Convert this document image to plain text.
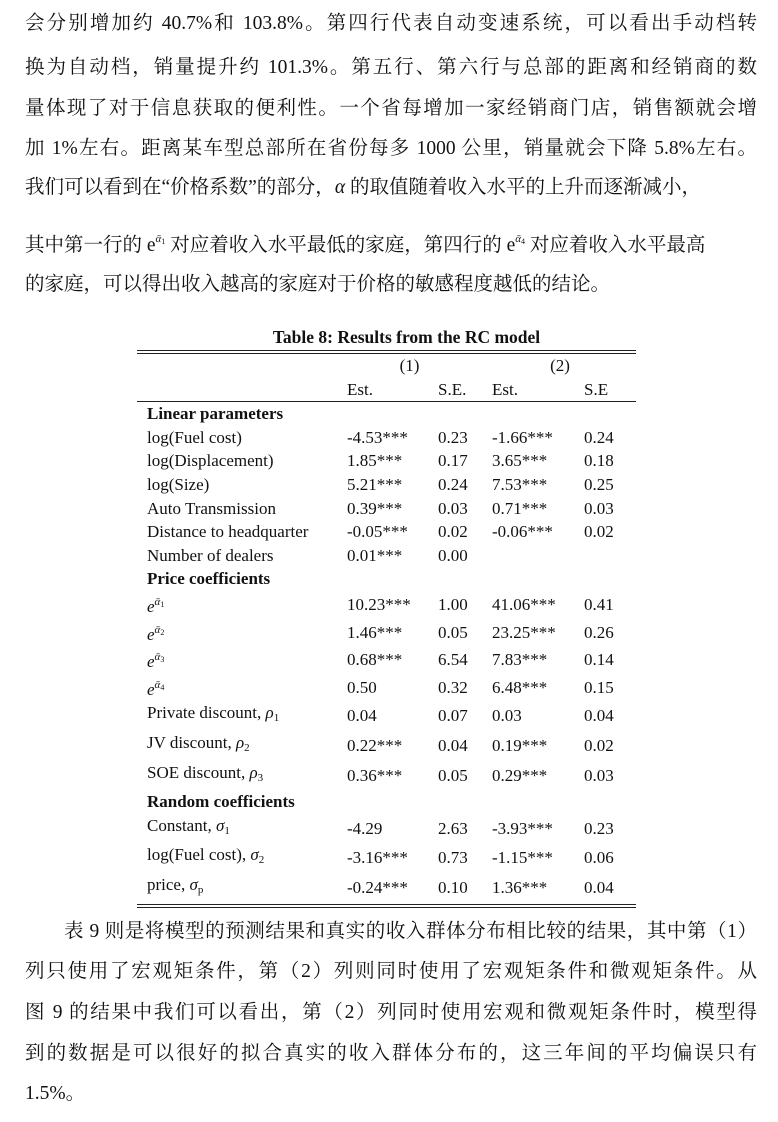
会分别增加约 40.7%和 103.8%。第四行代表自动变速系统，可以看出手动档转
换为自动档，销量提升约 101.3%。第五行、第六行与总部的距离和经销商的数
量体现了对于信息获取的便利性。一个省每增加一家经销商门店，销售额就会增
加 1%左右。距离某车型总部所在省份每多 1000 公里，销量就会下降 5.8%左右。
我们可以看到在“价格系数”的部分，α 的取值随着收入水平的上升而逐渐减小，
其中第一行的 $e^{ᾱ_1}$ 对应着收入水平最低的家庭，第四行的 $e^{ᾱ_4}$ 对应着收入水平最高
的家庭，可以得出收入越高的家庭对于价格的敏感程度越低的结论。
Table 8: Results from the RC model
	(1)		(2)	
	Est.	S.E.	Est.	S.E
Linear parameters				
log(Fuel cost)	-4.53***	0.23	-1.66***	0.24
log(Displacement)	1.85***	0.17	3.65***	0.18
log(Size)	5.21***	0.24	7.53***	0.25
Auto Transmission	0.39***	0.03	0.71***	0.03
Distance to headquarter	-0.05***	0.02	-0.06***	0.02
Number of dealers	0.01***	0.00		
Price coefficients				
$e^{ᾱ_1}$	10.23***	1.00	41.06***	0.41
$e^{ᾱ_2}$	1.46***	0.05	23.25***	0.26
$e^{ᾱ_3}$	0.68***	6.54	7.83***	0.14
$e^{ᾱ_4}$	0.50	0.32	6.48***	0.15
Private discount, $\rho_1$	0.04	0.07	0.03	0.04
JV discount, $\rho_2$	0.22***	0.04	0.19***	0.02
SOE discount, $\rho_3$	0.36***	0.05	0.29***	0.03
Random coefficients				
Constant, $\sigma_1$	-4.29	2.63	-3.93***	0.23
log(Fuel cost), $\sigma_2$	-3.16***	0.73	-1.15***	0.06
price, $\sigma_p$	-0.24***	0.10	1.36***	0.04
表 9 则是将模型的预测结果和真实的收入群体分布相比较的结果，其中第（1）
列只使用了宏观矩条件，第（2）列则同时使用了宏观矩条件和微观矩条件。从
图 9 的结果中我们可以看出，第（2）列同时使用宏观和微观矩条件时，模型得
到的数据是可以很好的拟合真实的收入群体分布的，这三年间的平均偏误只有
1.5%。
